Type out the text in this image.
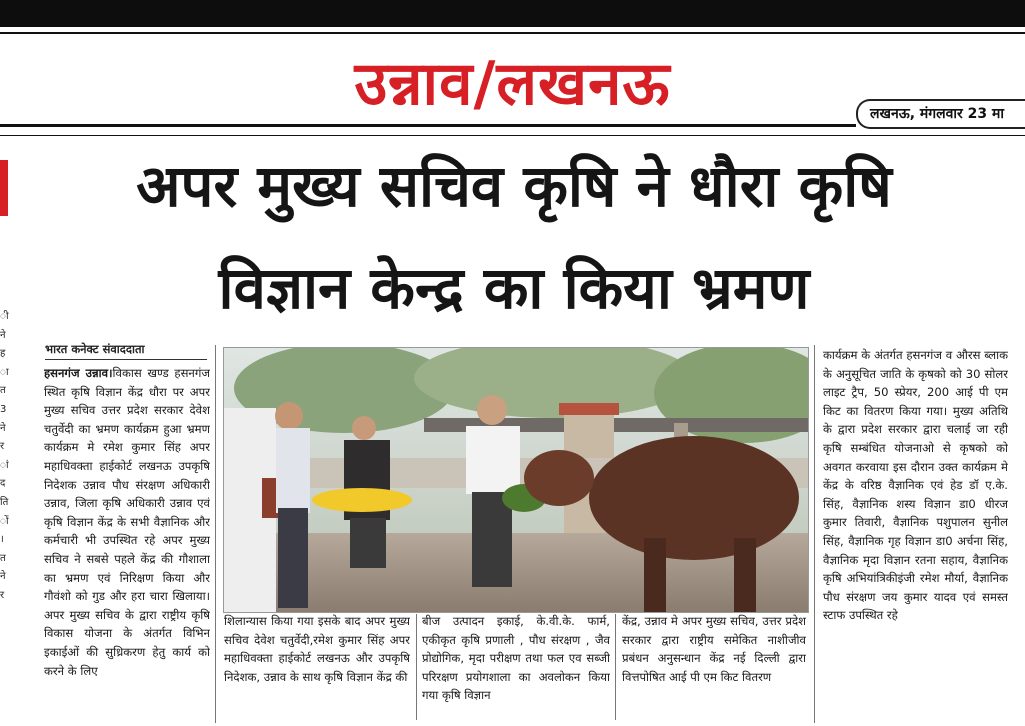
उन्नाव/लखनऊ	लखनऊ, मंगलवार 23 मा
ी
ने
ह
ा
त
3
ने
र
ां
द
ति
ों
।
त
ने
र
अपर मुख्य सचिव कृषि ने धौरा कृषि
विज्ञान केन्द्र का किया भ्रमण
भारत कनेक्ट संवाददाता
हसनगंज उन्नाव।विकास खण्ड हसनगंज स्थित कृषि विज्ञान केंद्र धौरा पर अपर मुख्य सचिव उत्तर प्रदेश सरकार देवेश चतुर्वेदी का भ्रमण कार्यक्रम हुआ भ्रमण कार्यक्रम मे रमेश कुमार सिंह अपर महाधिवक्ता हाईकोर्ट लखनऊ उपकृषि निदेशक उन्नाव पौध संरक्षण अधिकारी उन्नाव, जिला कृषि अधिकारी उन्नाव एवं कृषि विज्ञान केंद्र के सभी वैज्ञानिक और कर्मचारी भी उपस्थित रहे अपर मुख्य सचिव ने सबसे पहले केंद्र की गौशाला का भ्रमण एवं निरिक्षण किया और गौवंशो को गुड और हरा चारा खिलाया। अपर मुख्य सचिव के द्वारा राष्ट्रीय कृषि विकास योजना के अंतर्गत विभिन इकाईओं की सुध्रिकरण हेतु कार्य को करने के लिए
शिलान्यास किया गया इसके बाद अपर मुख्य सचिव देवेश चतुर्वेदी,रमेश कुमार सिंह अपर महाधिवक्ता हाईकोर्ट लखनऊ और उपकृषि निदेशक, उन्नाव के साथ कृषि विज्ञान केंद्र की
बीज उत्पादन इकाई, के.वी.के. फार्म, एकीकृत कृषि प्रणाली , पौध संरक्षण , जैव प्रोद्योगिक, मृदा परीक्षण तथा फल एव सब्जी परिरक्षण प्रयोगशाला का अवलोकन किया गया कृषि विज्ञान
केंद्र, उन्नाव मे अपर मुख्य सचिव, उत्तर प्रदेश सरकार द्वारा राष्ट्रीय समेकित नाशीजीव प्रबंधन अनुसन्धान केंद्र नई दिल्ली द्वारा वित्तपोषित आई पी एम किट वितरण
कार्यक्रम के अंतर्गत हसनगंज व औरस ब्लाक के अनुसूचित जाति के कृषको को 30 सोलर लाइट ट्रैप, 50 स्प्रेयर, 200 आई पी एम किट का वितरण किया गया। मुख्य अतिथि के द्वारा प्रदेश सरकार द्वारा चलाई जा रही कृषि सम्बंधित योजनाओ से कृषको को अवगत करवाया इस दौरान उक्त कार्यक्रम मे केंद्र के वरिष्ठ वैज्ञानिक एवं हेड डॉ ए.के. सिंह, वैज्ञानिक शस्य विज्ञान डा0 धीरज कुमार तिवारी, वैज्ञानिक पशुपालन सुनील सिंह, वैज्ञानिक गृह विज्ञान डा0 अर्चना सिंह, वैज्ञानिक मृदा विज्ञान रतना सहाय, वैज्ञानिक कृषि अभियांत्रिकीइंजी रमेश मौर्या, वैज्ञानिक पौध संरक्षण जय कुमार यादव एवं समस्त स्टाफ उपस्थित रहे
